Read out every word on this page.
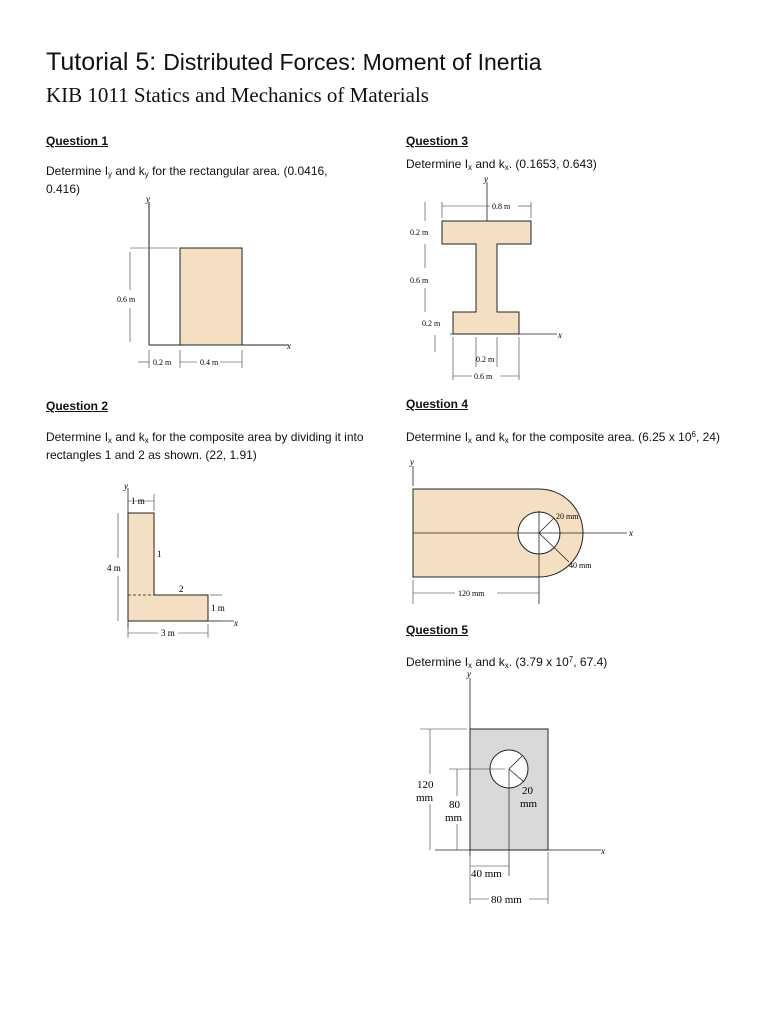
Tutorial 5: Distributed Forces: Moment of Inertia
KIB 1011 Statics and Mechanics of Materials
Question 1
Determine $I_y$ and $k_y$ for the rectangular area. (0.0416, 0.416)
y
x
0.6 m
0.2 m	0.4 m
Question 2
Determine $I_x$ and $k_x$ for the composite area by dividing it into rectangles 1 and 2 as shown. (22, 1.91)
y
x
1 m
4 m
1
2
1 m
3 m
Question 3
Determine $I_x$ and $k_x$. (0.1653, 0.643)
y
x
0.8 m
0.2 m
0.6 m
0.2 m
0.2 m
0.6 m
Question 4
Determine $I_x$ and $k_x$ for the composite area. (6.25 x $10^6$, 24)
y
x
20 mm
40 mm
120 mm
Question 5
Determine $I_x$ and $k_x$. (3.79 x $10^7$, 67.4)
y
x
120
mm
80
mm
20
mm
40 mm
80 mm
